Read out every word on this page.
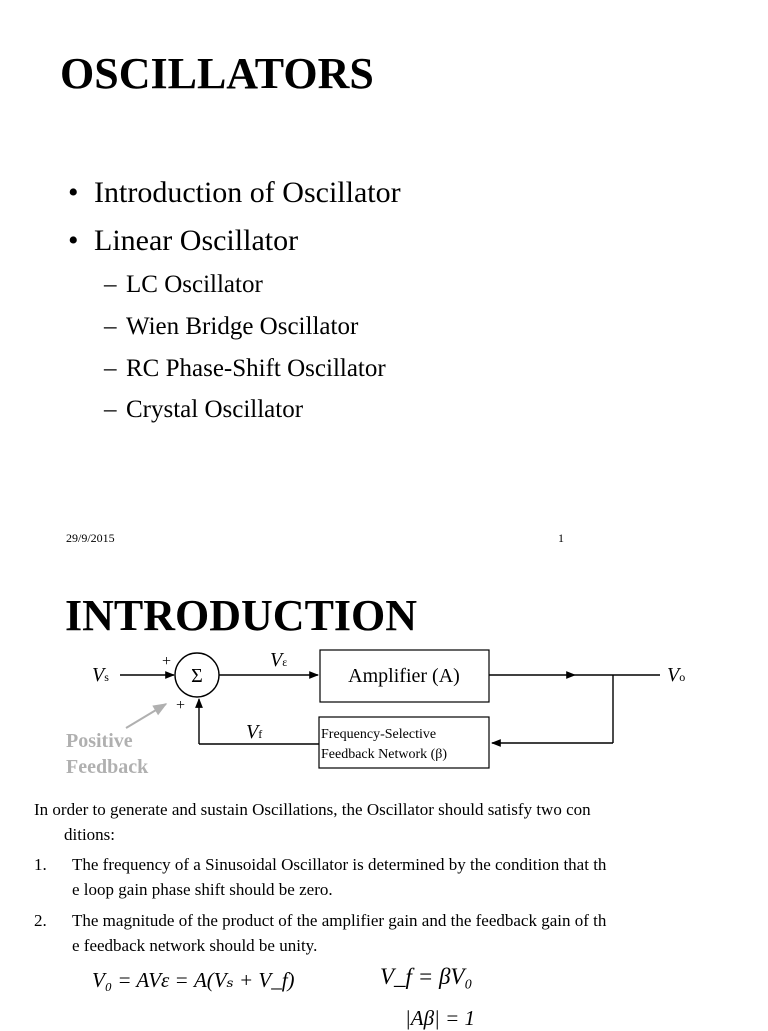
OSCILLATORS
• Introduction of Oscillator
• Linear Oscillator
– LC Oscillator
– Wien Bridge Oscillator
– RC Phase-Shift Oscillator
– Crystal Oscillator
29/9/2015	1
INTRODUCTION
Vs
+
Σ
Vε
Amplifier (A)	Vo
Frequency-Selective
Feedback Network (β)
+
Vf
Positive
Feedback
In order to generate and sustain Oscillations, the Oscillator should satisfy two con
ditions:
1. The frequency of a Sinusoidal Oscillator is determined by the condition that th
e loop gain phase shift should be zero.
2. The magnitude of the product of the amplifier gain and the feedback gain of th
e feedback network should be unity.
V₀ = AVε = A(Vₛ + V_f)	V_f = βV₀
|Aβ| = 1
